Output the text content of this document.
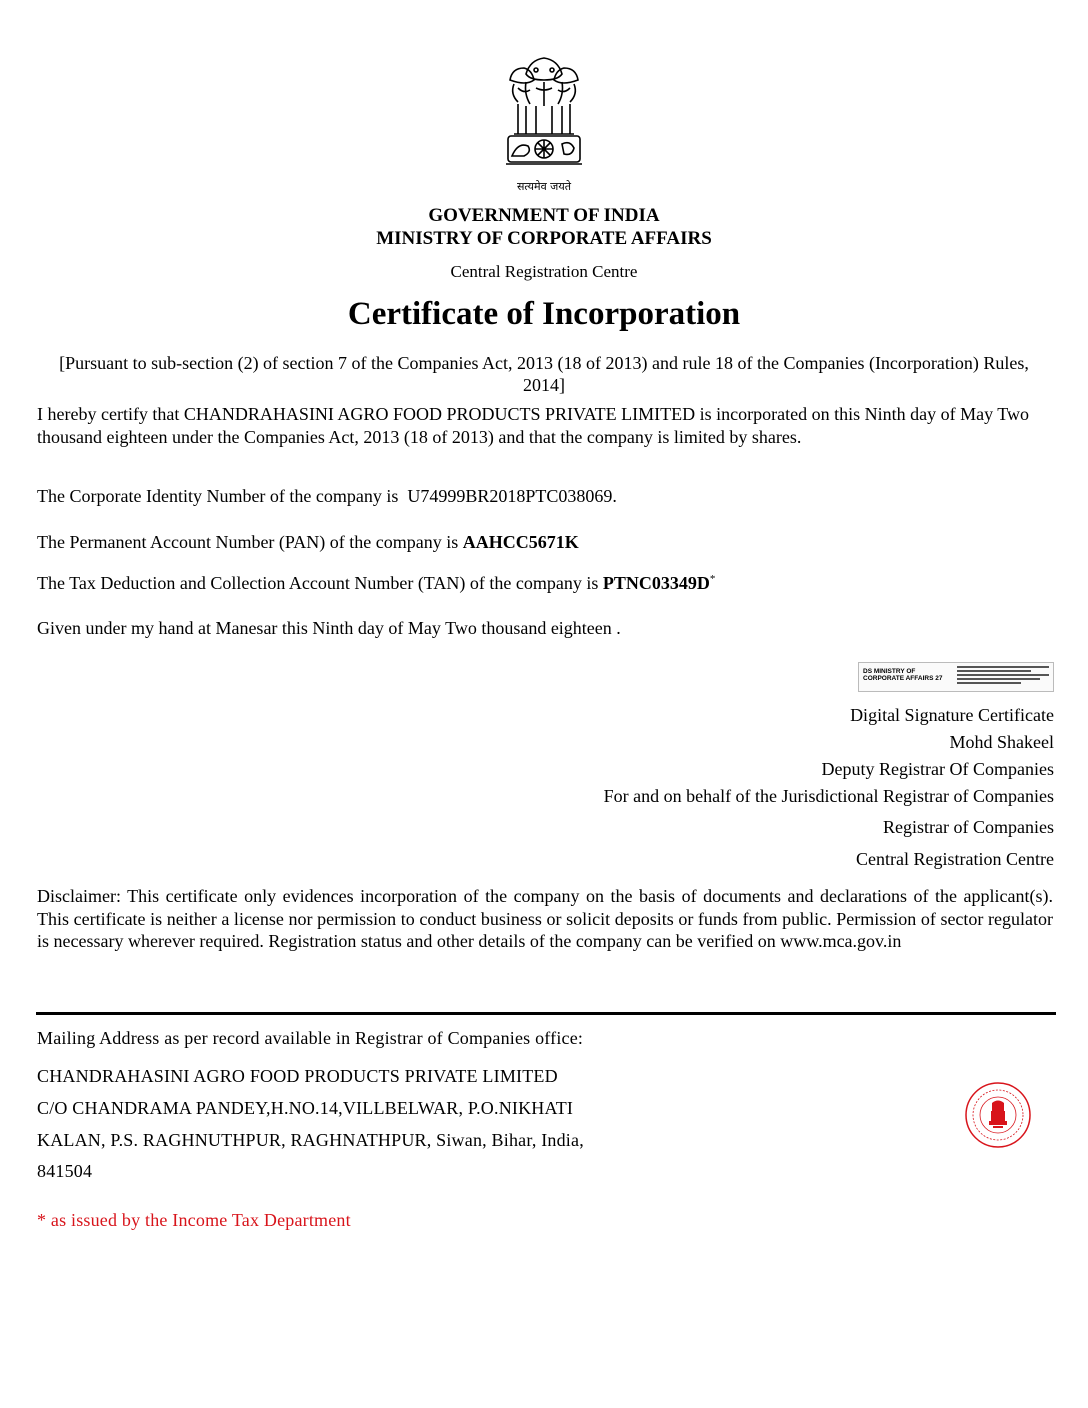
सत्यमेव जयते
GOVERNMENT OF INDIA
MINISTRY OF CORPORATE AFFAIRS
Central Registration Centre
Certificate of Incorporation
[Pursuant to sub-section (2) of section 7 of the Companies Act, 2013 (18 of 2013) and rule 18 of the Companies (Incorporation) Rules, 2014]
I hereby certify that CHANDRAHASINI AGRO FOOD PRODUCTS PRIVATE LIMITED is incorporated on this Ninth day of May Two thousand eighteen under the Companies Act, 2013 (18 of 2013) and that the company is limited by shares.
The Corporate Identity Number of the company is U74999BR2018PTC038069.
The Permanent Account Number (PAN) of the company is AAHCC5671K
The Tax Deduction and Collection Account Number (TAN) of the company is PTNC03349D*
Given under my hand at Manesar this Ninth day of May Two thousand eighteen .
DS MINISTRY OF
CORPORATE AFFAIRS 27
Digital Signature Certificate
Mohd Shakeel
Deputy Registrar Of Companies
For and on behalf of the Jurisdictional Registrar of Companies
Registrar of Companies
Central Registration Centre
Disclaimer: This certificate only evidences incorporation of the company on the basis of documents and declarations of the applicant(s). This certificate is neither a license nor permission to conduct business or solicit deposits or funds from public. Permission of sector regulator is necessary wherever required. Registration status and other details of the company can be verified on www.mca.gov.in
Mailing Address as per record available in Registrar of Companies office:
CHANDRAHASINI AGRO FOOD PRODUCTS PRIVATE LIMITED
C/O CHANDRAMA PANDEY,H.NO.14,VILLBELWAR, P.O.NIKHATI
KALAN, P.S. RAGHNUTHPUR, RAGHNATHPUR, Siwan, Bihar, India,
841504
* as issued by the Income Tax Department
